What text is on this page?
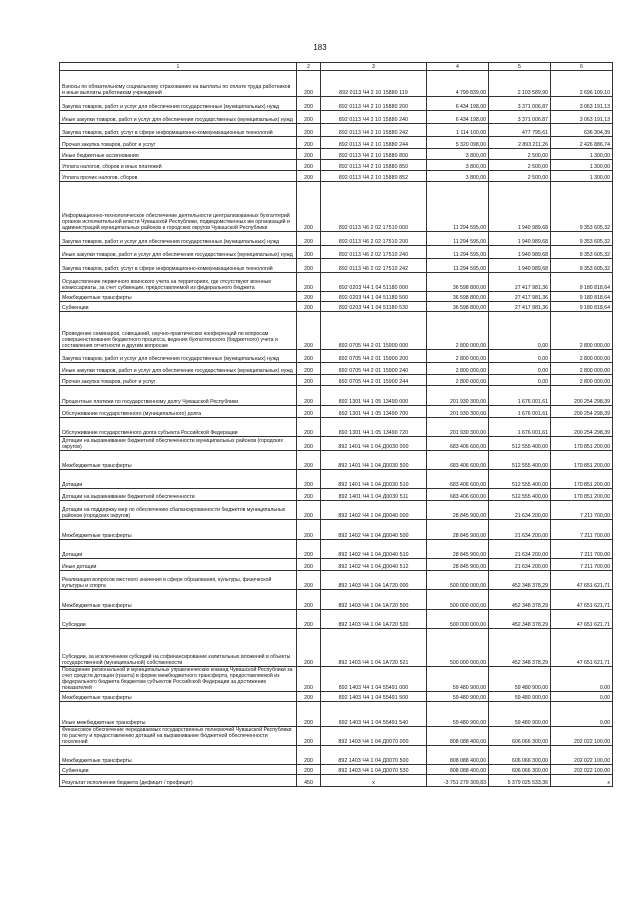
183
1	2	3	4	5	6
Взносы по обязательному социальному страхованию на выплаты по оплате труда работников и иные выплаты работникам учреждений	200	892 0113 Ч4 2 10 15880 119	4 799 839,00	2 103 589,90	2 696 109,10
Закупка товаров, работ и услуг для обеспечения государственных (муниципальных) нужд	200	892 0113 Ч4 2 10 15880 200	6 434 198,00	3 371 006,87	3 063 191,13
Иные закупки товаров, работ и услуг для обеспечения государственных (муниципальных) нужд	200	892 0113 Ч4 2 10 15880 240	6 434 198,00	3 371 006,87	3 063 191,13
Закупка товаров, работ, услуг в сфере информационно-коммуникационных технологий	200	892 0113 Ч4 2 10 15880 242	1 114 100,00	477 795,61	636 304,39
Прочая закупка товаров, работ и услуг	200	892 0113 Ч4 2 10 15880 244	5 320 098,00	2 893 211,26	2 426 886,74
Иные бюджетные ассигнования	200	892 0113 Ч4 2 10 15880 800	3 800,00	2 500,00	1 300,00
Уплата налогов, сборов и иных платежей	200	892 0113 Ч4 2 10 15880 850	3 800,00	2 500,00	1 300,00
Уплата прочих налогов, сборов	200	892 0113 Ч4 2 10 15880 852	3 800,00	2 500,00	1 300,00
Информационно-технологическое обеспечение деятельности централизованных бухгалтерий органов исполнительной власти Чувашской Республики, подведомственных им организаций и администраций муниципальных районов и городских округов Чувашской Республики	200	892 0113 Ч6 2 02 17510 000	11 294 595,00	1 940 989,68	9 353 605,32
Закупка товаров, работ и услуг для обеспечения государственных (муниципальных) нужд	200	892 0113 Ч6 2 02 17510 200	11 294 595,00	1 940 989,68	9 353 605,32
Иные закупки товаров, работ и услуг для обеспечения государственных (муниципальных) нужд	200	892 0113 Ч6 2 02 17510 240	11 294 595,00	1 940 989,68	9 353 605,32
Закупка товаров, работ, услуг в сфере информационно-коммуникационных технологий	200	892 0113 Ч6 2 02 17510 242	11 294 595,00	1 940 989,68	9 353 605,32
Осуществление первичного воинского учета на территориях, где отсутствуют военные комиссариаты, за счет субвенции, предоставляемой из федерального бюджета	200	892 0203 Ч4 1 04 51180 000	36 598 800,00	27 417 981,36	9 180 818,64
Межбюджетные трансферты	200	892 0203 Ч4 1 04 51180 500	36 598 800,00	27 417 981,36	9 180 818,64
Субвенции	200	892 0203 Ч4 1 04 51180 530	36 598 800,00	27 417 981,36	9 180 818,64
Проведение семинаров, совещаний, научно-практических конференций по вопросам совершенствования бюджетного процесса, ведения бухгалтерского (бюджетного) учета и составления отчетности и другим вопросам	200	892 0705 Ч4 2 01 15900 000	2 800 000,00	0,00	2 800 000,00
Закупка товаров, работ и услуг для обеспечения государственных (муниципальных) нужд	200	892 0705 Ч4 2 01 15900 200	2 800 000,00	0,00	2 800 000,00
Иные закупки товаров, работ и услуг для обеспечения государственных (муниципальных) нужд	200	892 0705 Ч4 2 01 15900 240	2 800 000,00	0,00	2 800 000,00
Прочая закупка товаров, работ и услуг	200	892 0705 Ч4 2 01 15900 244	2 800 000,00	0,00	2 800 000,00
Процентные платежи по государственному долгу Чувашской Республики	200	892 1301 Ч4 1 05 13490 000	201 930 300,00	1 676 001,61	200 254 298,39
Обслуживание государственного (муниципального) долга	200	892 1301 Ч4 1 05 13490 700	201 930 300,00	1 676 001,61	200 254 298,39
Обслуживание государственного долга субъекта Российской Федерации	200	892 1301 Ч4 1 05 13490 720	201 930 300,00	1 676 001,61	200 254 298,39
Дотации на выравнивание бюджетной обеспеченности муниципальных районов (городских округов)	200	892 1401 Ч4 1 04 Д0030 000	683 406 600,00	512 555 400,00	170 851 200,00
Межбюджетные трансферты	200	892 1401 Ч4 1 04 Д0030 500	683 406 600,00	512 555 400,00	170 851 200,00
Дотации	200	892 1401 Ч4 1 04 Д0030 510	683 406 600,00	512 555 400,00	170 851 200,00
Дотации на выравнивание бюджетной обеспеченности	200	892 1401 Ч4 1 04 Д0030 511	683 406 600,00	512 555 400,00	170 851 200,00
Дотации на поддержку мер по обеспечению сбалансированности бюджетов муниципальных районов (городских округов)	200	892 1402 Ч4 1 04 Д0040 000	28 845 900,00	21 634 200,00	7 211 700,00
Межбюджетные трансферты	200	892 1402 Ч4 1 04 Д0040 500	28 845 900,00	21 634 200,00	7 211 700,00
Дотации	200	892 1402 Ч4 1 04 Д0040 510	28 845 900,00	21 634 200,00	7 211 700,00
Иные дотации	200	892 1402 Ч4 1 04 Д0040 512	28 845 900,00	21 634 200,00	7 211 700,00
Реализация вопросов местного значения в сфере образования, культуры, физической культуры и спорта	200	892 1403 Ч4 1 04 1А720 000	500 000 000,00	452 348 378,29	47 651 621,71
Межбюджетные трансферты	200	892 1403 Ч4 1 04 1А720 500	500 000 000,00	452 348 378,29	47 651 621,71
Субсидии	200	892 1403 Ч4 1 04 1А720 520	500 000 000,00	452 348 378,29	47 651 621,71
Субсидии, за исключением субсидий на софинансирование капитальных вложений в объекты государственной (муниципальной) собственности	200	892 1403 Ч4 1 04 1А720 521	500 000 000,00	452 348 378,29	47 651 621,71
Поощрение региональной и муниципальных управленческих команд Чувашской Республики за счет средств дотации (гранта) в форме межбюджетного трансферта, предоставляемой из федерального бюджета бюджетам субъектов Российской Федерации за достижение показателей	200	892 1403 Ч4 1 04 55491 000	59 480 900,00	59 480 900,00	0,00
Межбюджетные трансферты	200	892 1403 Ч4 1 04 55491 500	59 480 900,00	59 480 900,00	0,00
Иные межбюджетные трансферты	200	892 1403 Ч4 1 04 55491 540	59 480 900,00	59 480 900,00	0,00
Финансовое обеспечение передаваемых государственных полномочий Чувашской Республики по расчету и предоставлению дотаций на выравнивание бюджетной обеспеченности поселений	200	892 1403 Ч4 1 04 Д0070 000	808 088 400,00	606 066 300,00	202 022 100,00
Межбюджетные трансферты	200	892 1403 Ч4 1 04 Д0070 500	808 088 400,00	606 066 300,00	202 022 100,00
Субвенции	200	892 1403 Ч4 1 04 Д0070 530	808 088 400,00	606 066 300,00	202 022 100,00
Результат исполнения бюджета (дефицит / профицит)	450	x	-3 751 279 309,83	5 379 025 533,36	x
